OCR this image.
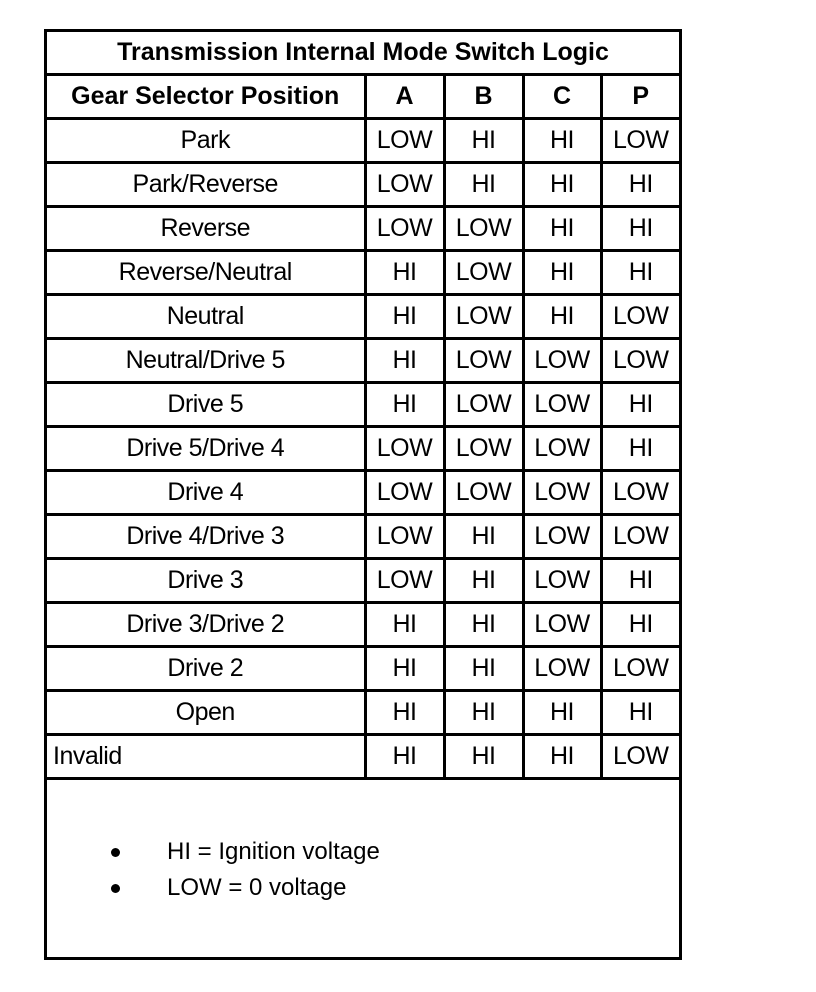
Transmission Internal Mode Switch Logic				
Gear Selector Position	A	B	C	P
Park	LOW	HI	HI	LOW
Park/Reverse	LOW	HI	HI	HI
Reverse	LOW	LOW	HI	HI
Reverse/Neutral	HI	LOW	HI	HI
Neutral	HI	LOW	HI	LOW
Neutral/Drive 5	HI	LOW	LOW	LOW
Drive 5	HI	LOW	LOW	HI
Drive 5/Drive 4	LOW	LOW	LOW	HI
Drive 4	LOW	LOW	LOW	LOW
Drive 4/Drive 3	LOW	HI	LOW	LOW
Drive 3	LOW	HI	LOW	HI
Drive 3/Drive 2	HI	HI	LOW	HI
Drive 2	HI	HI	LOW	LOW
Open	HI	HI	HI	HI
Invalid	HI	HI	HI	LOW
HI = Ignition voltage
LOW = 0 voltage
